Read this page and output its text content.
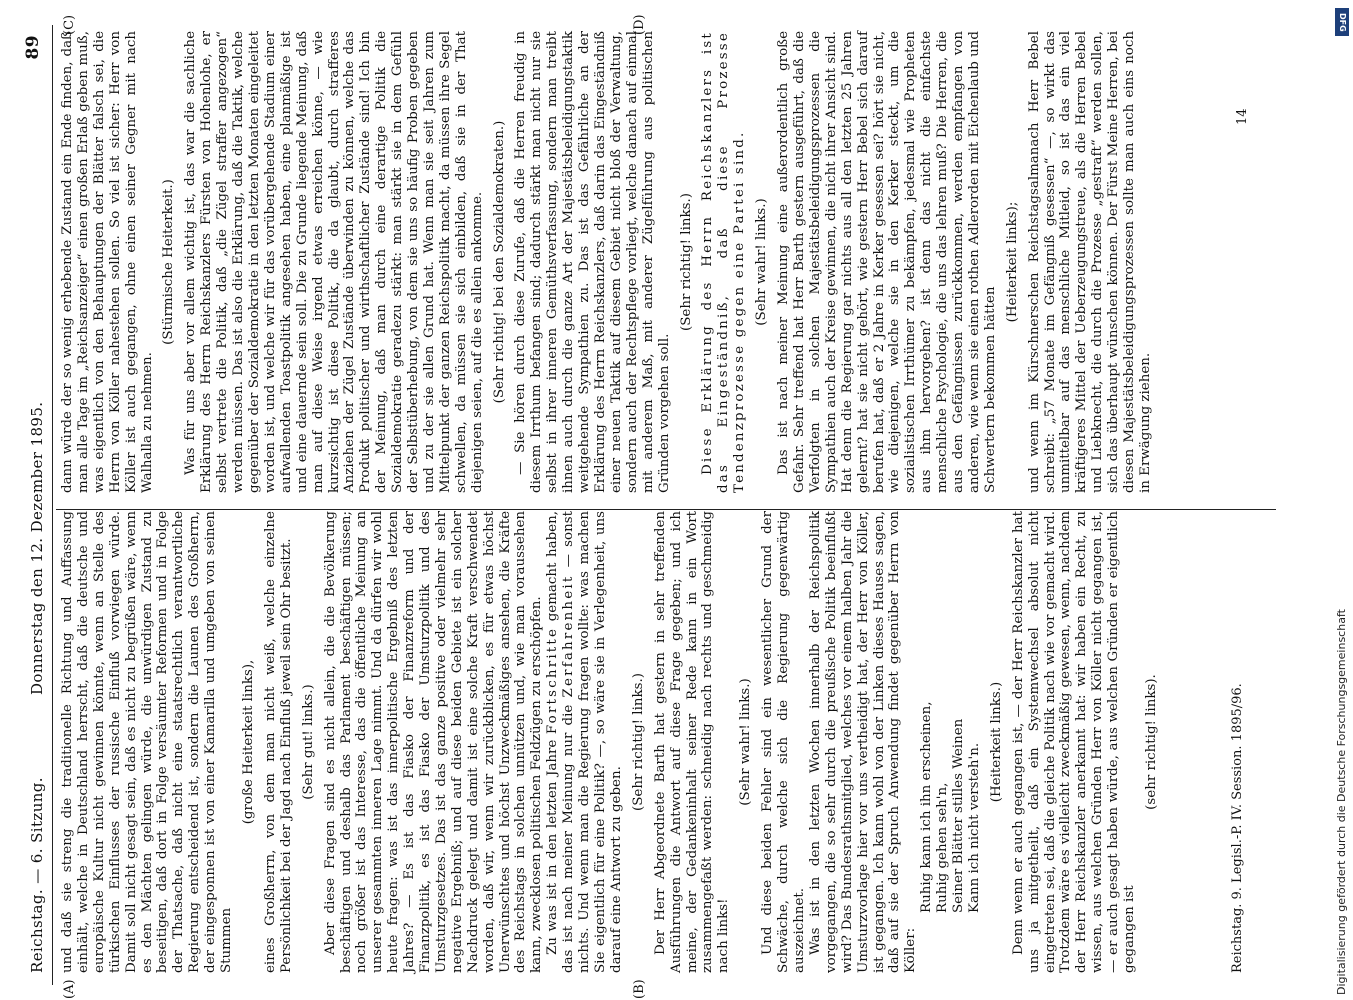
DFG
Digitalisierung gefördert durch die Deutsche Forschungsgemeinschaft
Reichstag. — 6. Sitzung.
Donnerstag den 12. Dezember 1895.
89
(A)	(B)
(C)	(D)

und daß sie streng die traditionelle Richtung und Auffassung einhält, welche in Deutschland herrscht, daß die deutsche und europäische Kultur nicht gewinnen könnte, wenn an Stelle des türkischen Einflusses der russische Einfluß vorwiegen würde. Damit soll nicht gesagt sein, daß es nicht zu begrüßen wäre, wenn es den Mächten gelingen würde, die unwürdigen Zustand zu beseitigen, daß dort in Folge versäumter Reformen und in Folge der Thatsache, daß nicht eine staatsrechtlich verantwortliche Regierung entscheidend ist, sondern die Launen des Großherrn, der eingesponnen ist von einer Kamarilla und umgeben von seinen Stummen

(große Heiterkeit links), eines Großherrn, von dem man nicht weiß, welche einzelne Persönlichkeit bei der Jagd nach Einfluß jeweil sein Ohr besitzt. (Sehr gut! links.) Aber diese Fragen sind es nicht allein, die die Bevölkerung beschäftigen und deshalb das Parlament beschäftigen müssen; noch größer ist das Interesse, das die öffentliche Meinung an unserer gesammten inneren Lage nimmt. Und da dürfen wir wohl heute fragen: was ist das innerpolitische Ergebniß des letzten Jahres? — Es ist das Fiasko der Finanzreform und der Finanzpolitik, es ist das Fiasko der Umsturzpolitik und des Umsturzgesetzes. Das ist das ganze positive oder vielmehr sehr negative Ergebniß; und auf diese beiden Gebiete ist ein solcher Nachdruck gelegt und damit ist eine solche Kraft verschwendet worden, daß wir, wenn wir zurückblicken, es für etwas höchst Unerwünschtes und höchst Unzweckmäßiges ansehen, die Kräfte des Reichstags in solchen unnützen und, wie man voraussehen kann, zwecklosen politischen Feldzügen zu erschöpfen. Zu was ist in den letzten Jahre Fortschritte gemacht haben, das ist nach meiner Meinung nur die Zerfahrenheit — sonst nichts. Und wenn man die Regierung fragen wollte: was machen Sie eigentlich für eine Politik? —, so wäre sie in Verlegenheit, uns darauf eine Antwort zu geben.

(Sehr richtig! links.) Der Herr Abgeordnete Barth hat gestern in sehr treffenden Ausführungen die Antwort auf diese Frage gegeben; und ich meine, der Gedankeninhalt seiner Rede kann in ein Wort zusammengefaßt werden: schneidig nach rechts und geschmeidig nach links!

(Sehr wahr! links.) Und diese beiden Fehler sind ein wesentlicher Grund der Schwäche, durch welche sich die Regierung gegenwärtig auszeichnet. Was ist in den letzten Wochen innerhalb der Reichspolitik vorgegangen, die so sehr durch die preußische Politik beeinflußt wird? Das Bundesrathsmitglied, welches vor einem halben Jahr die Umsturzvorlage hier vor uns vertheidigt hat, der Herr von Köller, ist gegangen. Ich kann wohl von der Linken dieses Hauses sagen, daß auf sie der Spruch Anwendung findet gegenüber Herrn von Köller:

Ruhig kann ich ihn erscheinen, Ruhig gehen seh'n, Seiner Blätter stilles Weinen Kann ich nicht versteh'n.

(Heiterkeit links.) Denn wenn er auch gegangen ist, — der Herr Reichskanzler hat uns ja mitgetheilt, daß ein Systemwechsel absolut nicht eingetreten sei, daß die gleiche Politik nach wie vor gemacht wird. Trotzdem wäre es vielleicht zweckmäßig gewesen, wenn, nachdem der Herr Reichskanzler anerkannt hat: wir haben ein Recht, zu wissen, aus welchen Gründen Herr von Köller nicht gegangen ist, — er auch gesagt haben würde, aus welchen Gründen er eigentlich gegangen ist

(sehr richtig! links).

dann würde der so wenig erhebende Zustand ein Ende finden, daß man alle Tage im „Reichsanzeiger“ einen großen Erlaß geben muß, was eigentlich von den Behauptungen der Blätter falsch sei, die Herrn von Köller nahestehen sollen. So viel ist sicher: Herr von Köller ist auch gegangen, ohne einen seiner Gegner mit nach Walhalla zu nehmen.

(Stürmische Heiterkeit.) Was für uns aber vor allem wichtig ist, das war die sachliche Erklärung des Herrn Reichskanzlers Fürsten von Hohenlohe, er selbst vertrete die Politik, daß „die Zügel straffer angezogen“ werden müssen. Das ist also die Erklärung, daß die Taktik, welche gegenüber der Sozialdemokratie in den letzten Monaten eingeleitet worden ist, und welche wir für das vorübergehende Stadium einer aufwallenden Toastpolitik angesehen haben, eine planmäßige ist und eine dauernde sein soll. Die zu Grunde liegende Meinung, daß man auf diese Weise irgend etwas erreichen könne, — wie kurzsichtig ist diese Politik, die da glaubt, durch strafferes Anziehen der Zügel Zustände überwinden zu können, welche das Produkt politischer und wirthschaftlicher Zustände sind! Ich bin der Meinung, daß man durch eine derartige Politik die Sozialdemokratie geradezu stärkt: man stärkt sie in dem Gefühl der Selbstüberhebung, von dem sie uns so häufig Proben gegeben und zu der sie allen Grund hat. Wenn man sie seit Jahren zum Mittelpunkt der ganzen Reichspolitik macht, da müssen ihre Segel schwellen, da müssen sie sich einbilden, daß sie in der That diejenigen seien, auf die es allein ankomme. (Sehr richtig! bei den Sozialdemokraten.) — Sie hören durch diese Zurufe, daß die Herren freudig in diesem Irrthum befangen sind; dadurch stärkt man nicht nur sie selbst in ihrer inneren Gemüthsverfassung, sondern man treibt ihnen auch durch die ganze Art der Majestätsbeleidigungstaktik weitgehende Sympathien zu. Das ist das Gefährliche an der Erklärung des Herrn Reichskanzlers, daß darin das Eingeständniß einer neuen Taktik auf diesem Gebiet nicht bloß der Verwaltung, sondern auch der Rechtspflege vorliegt, welche danach auf einmal mit anderem Maß, mit anderer Zügelführung aus politischen Gründen vorgehen soll.

(Sehr richtig! links.) Diese Erklärung des Herrn Reichskanzlers ist das Eingeständniß, daß diese Prozesse Tendenzprozesse gegen eine Partei sind. (Sehr wahr! links.) Das ist nach meiner Meinung eine außerordentlich große Gefahr. Sehr treffend hat Herr Barth gestern ausgeführt, daß die Verfolgten in solchen Majestätsbeleidigungsprozessen die Sympathien auch der Kreise gewinnen, die nicht ihrer Ansicht sind. Hat denn die Regierung gar nichts aus all den letzten 25 Jahren gelernt? hat sie nicht gehört, wie gestern Herr Bebel sich darauf berufen hat, daß er 2 Jahre in Kerker gesessen sei? hört sie nicht, wie diejenigen, welche sie in den Kerker steckt, um die sozialistischen Irrthümer zu bekämpfen, jedesmal wie Propheten aus ihm hervorgehen? ist denn das nicht die einfachste menschliche Psychologie, die uns das lehren muß? Die Herren, die aus den Gefängnissen zurückkommen, werden empfangen von anderen, wie wenn sie einen rothen Adlerorden mit Eichenlaub und Schwertern bekommen hätten

(Heiterkeit links); und wenn im Kürschnerschen Reichstagsalmanach Herr Bebel schreibt: „57 Monate im Gefängniß gesessen“ —, so wirkt das unmittelbar auf das menschliche Mitleid, so ist das ein viel kräftigeres Mittel der Ueberzeugungstreue, als die Herren Bebel und Liebknecht, die durch die Prozesse „gestraft“ werden sollen, sich das überhaupt wünschen können. Der Fürst Meine Herren, bei diesen Majestätsbeleidigungsprozessen sollte man auch eins noch in Erwägung ziehen.

Reichstag. 9. Legisl.-P. IV. Session. 1895/96.
14
